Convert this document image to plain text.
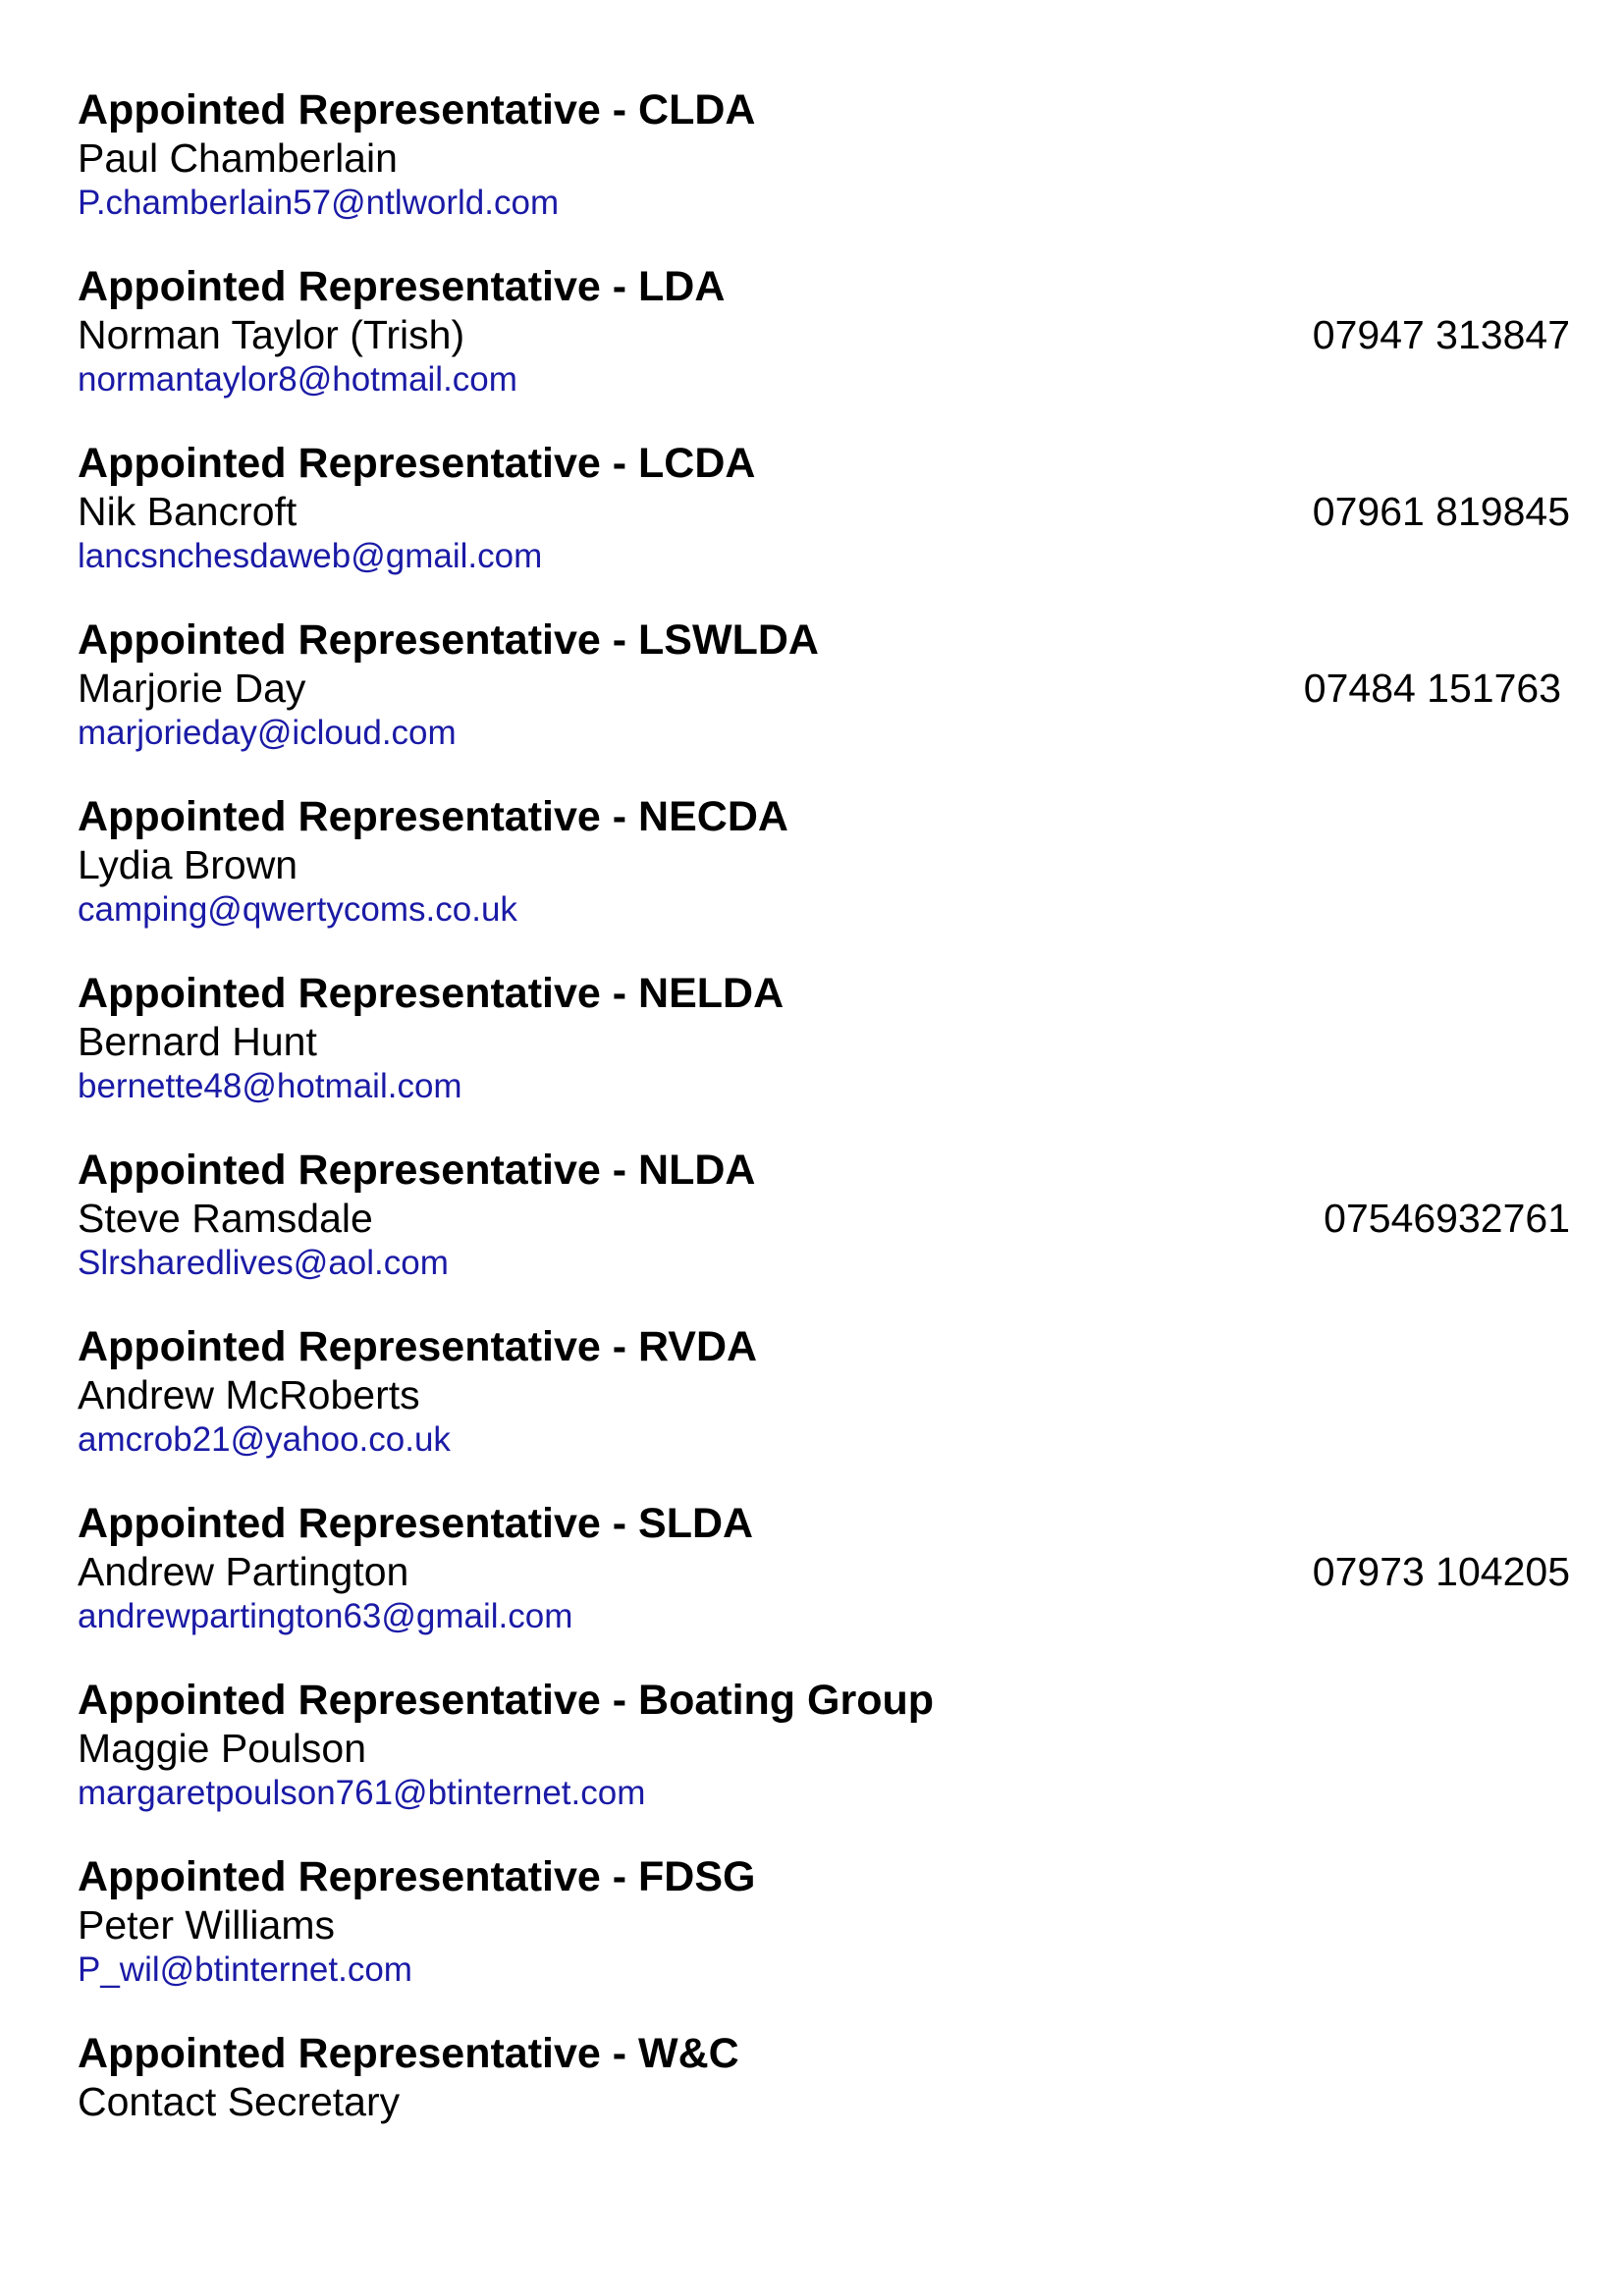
Appointed Representative - CLDA
Paul Chamberlain
P.chamberlain57@ntlworld.com
Appointed Representative - LDA
Norman Taylor (Trish)
normantaylor8@hotmail.com
07947 313847
Appointed Representative - LCDA
Nik Bancroft
lancsnchesdaweb@gmail.com
07961 819845
Appointed Representative - LSWLDA
Marjorie Day
marjorieday@icloud.com
07484 151763
Appointed Representative - NECDA
Lydia Brown
camping@qwertycoms.co.uk
Appointed Representative - NELDA
Bernard Hunt
bernette48@hotmail.com
Appointed Representative - NLDA
Steve Ramsdale
Slrsharedlives@aol.com
07546932761
Appointed Representative - RVDA
Andrew McRoberts
amcrob21@yahoo.co.uk
Appointed Representative - SLDA
Andrew Partington
andrewpartington63@gmail.com
07973 104205
Appointed Representative - Boating Group
Maggie Poulson
margaretpoulson761@btinternet.com
Appointed Representative - FDSG
Peter Williams
P_wil@btinternet.com
Appointed Representative - W&C
Contact Secretary
